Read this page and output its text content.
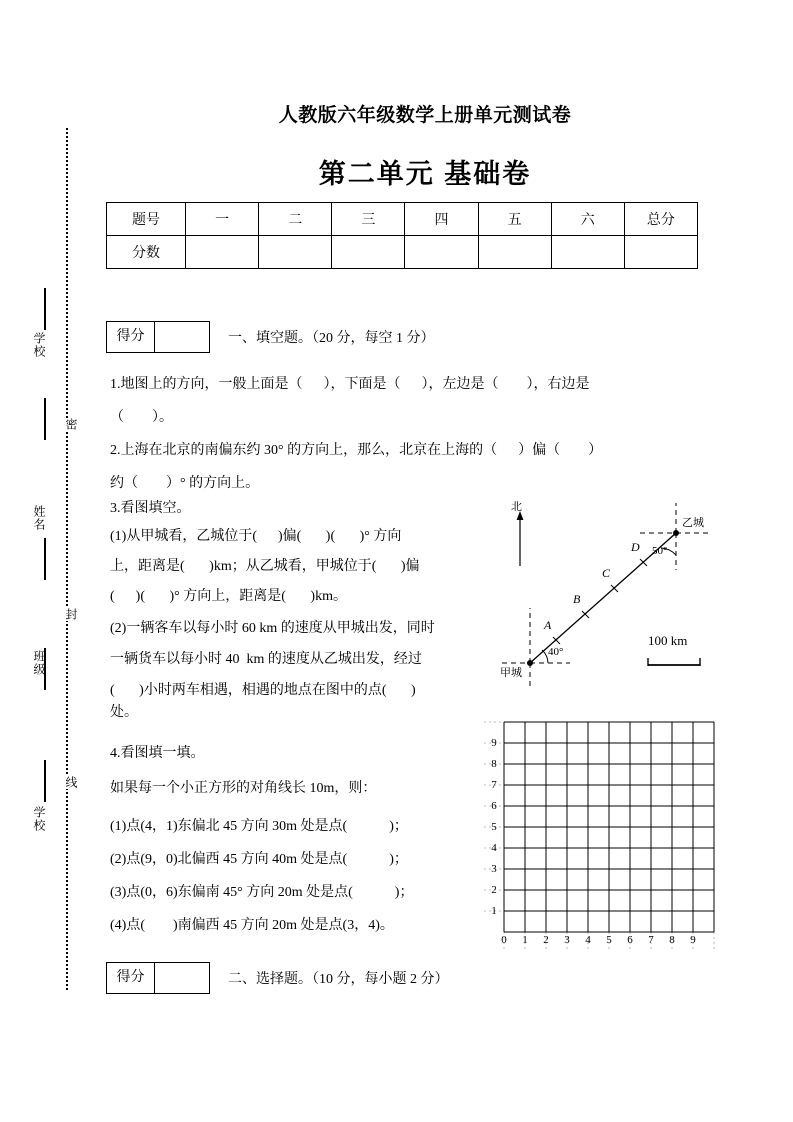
密
封
线
学校
姓名
班级
学校
人教版六年级数学上册单元测试卷
第二单元 基础卷
题号	一	二	三	四	五	六	总分
分数							
得分	一、填空题。（20 分，每空 1 分）
1.地图上的方向，一般上面是（      ），下面是（      ），左边是（        ），右边是
（        ）。
2.上海在北京的南偏东约 30° 的方向上，那么，北京在上海的（      ）偏（        ）
约（        ）° 的方向上。
3.看图填空。
(1)从甲城看，乙城位于(      )偏(       )(       )° 方向
上，距离是(       )km；从乙城看，甲城位于(       )偏
(      )(       )° 方向上，距离是(       )km。
(2)一辆客车以每小时 60 km 的速度从甲城出发，同时
一辆货车以每小时 40  km 的速度从乙城出发，经过
(       )小时两车相遇，相遇的地点在图中的点(       )
处。
北
甲城
乙城
40°
50°
A
B
C
D
100 km
4.看图填一填。
如果每一个小正方形的对角线长 10m，则：
(1)点(4，1)东偏北 45 方向 30m 处是点(            )；
(2)点(9，0)北偏西 45 方向 40m 处是点(            )；
(3)点(0，6)东偏南 45° 方向 20m 处是点(            )；
(4)点(        )南偏西 45 方向 20m 处是点(3，4)。
9
8
7
6
5
4
3
2
1
0 1 2 3 4 5 6 7 8 9
得分	二、选择题。（10 分，每小题 2 分）
